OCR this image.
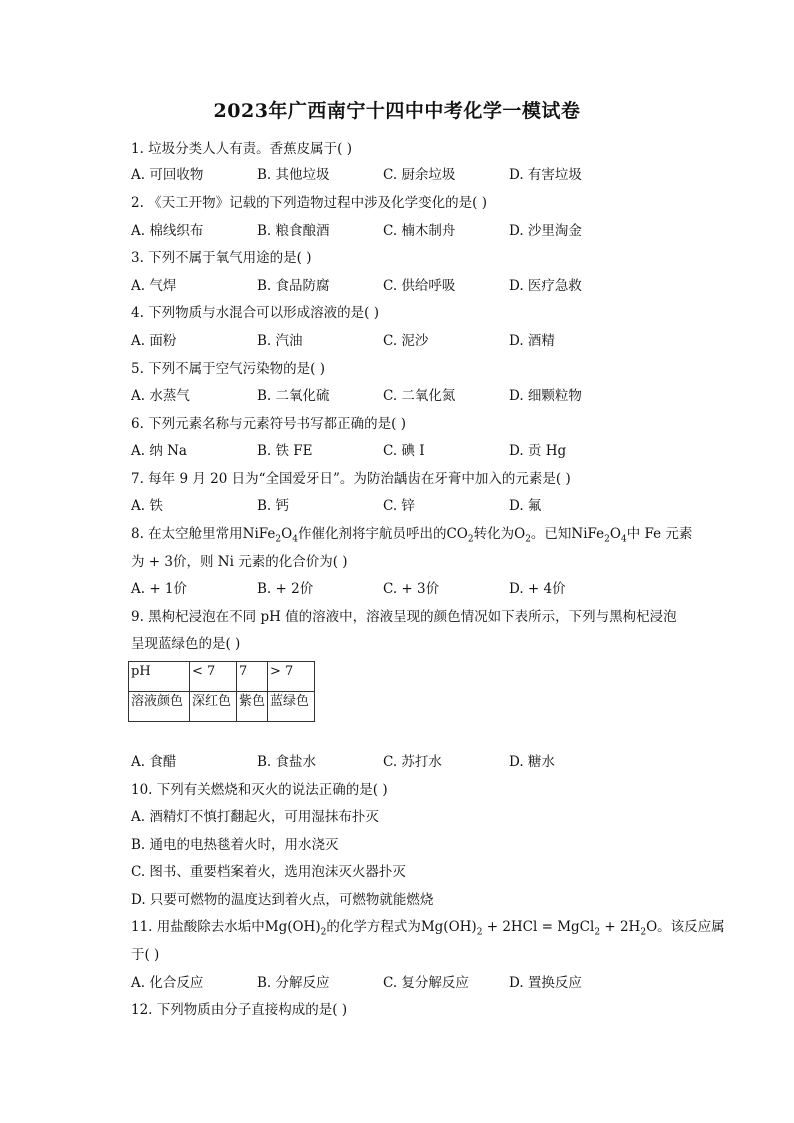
2023年广西南宁十四中中考化学一模试卷
1. 垃圾分类人人有责。香蕉皮属于( )
A. 可回收物	B. 其他垃圾	C. 厨余垃圾	D. 有害垃圾
2. 《天工开物》记载的下列造物过程中涉及化学变化的是( )
A. 棉线织布	B. 粮食酿酒	C. 楠木制舟	D. 沙里淘金
3. 下列不属于氧气用途的是( )
A. 气焊	B. 食品防腐	C. 供给呼吸	D. 医疗急救
4. 下列物质与水混合可以形成溶液的是( )
A. 面粉	B. 汽油	C. 泥沙	D. 酒精
5. 下列不属于空气污染物的是( )
A. 水蒸气	B. 二氧化硫	C. 二氧化氮	D. 细颗粒物
6. 下列元素名称与元素符号书写都正确的是( )
A. 纳 Na	B. 铁 FE	C. 碘 I	D. 贡 Hg
7. 每年 9 月 20 日为“全国爱牙日”。为防治龋齿在牙膏中加入的元素是( )
A. 铁	B. 钙	C. 锌	D. 氟
8. 在太空舱里常用$NiFe_2O_4$作催化剂将宇航员呼出的$CO_2$转化为$O_2$。已知$NiFe_2O_4$中 Fe 元素
为 + 3价，则 Ni 元素的化合价为( )
A. + 1价	B. + 2价	C. + 3价	D. + 4价
9. 黑枸杞浸泡在不同 pH 值的溶液中，溶液呈现的颜色情况如下表所示，下列与黑枸杞浸泡
呈现蓝绿色的是( )
pH	< 7	7	> 7
溶液颜色	深红色	紫色	蓝绿色
A. 食醋	B. 食盐水	C. 苏打水	D. 糖水
10. 下列有关燃烧和灭火的说法正确的是( )
A. 酒精灯不慎打翻起火，可用湿抹布扑灭
B. 通电的电热毯着火时，用水浇灭
C. 图书、重要档案着火，选用泡沫灭火器扑灭
D. 只要可燃物的温度达到着火点，可燃物就能燃烧
11. 用盐酸除去水垢中$Mg(OH)_2$的化学方程式为$Mg(OH)_2 + 2HCl$ = MgCl$_2$ + $2H_2O$。该反应属
于( )
A. 化合反应	B. 分解反应	C. 复分解反应	D. 置换反应
12. 下列物质由分子直接构成的是( )
